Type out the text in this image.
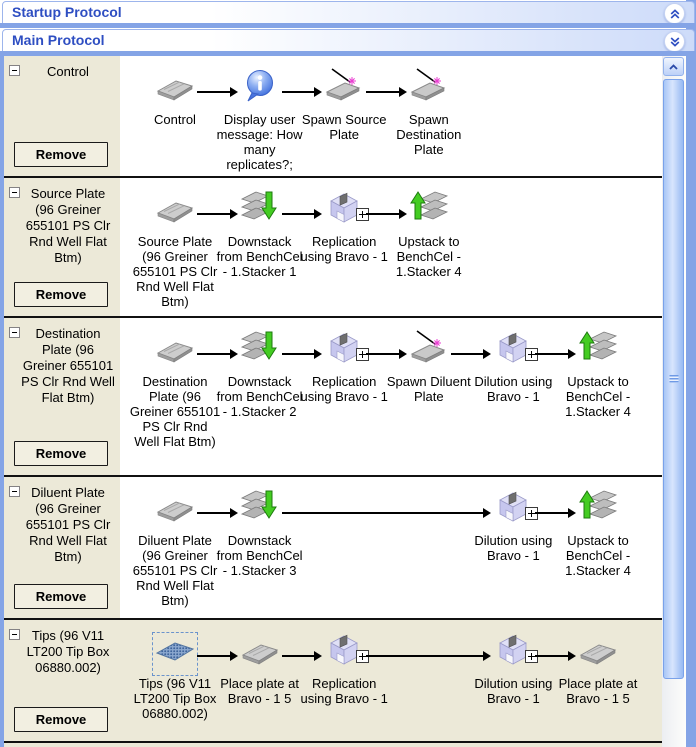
Startup Protocol
Main Protocol
Control
Remove
Control	Display user message: How many replicates?;
Spawn Source Plate
Spawn Destination Plate
Source Plate (96 Greiner 655101 PS Clr Rnd Well Flat Btm)
Remove
Source Plate (96 Greiner 655101 PS Clr Rnd Well Flat Btm)
Downstack from BenchCel - 1.Stacker 1
Replication using Bravo - 1
Upstack to BenchCel - 1.Stacker 4
Destination Plate (96 Greiner 655101 PS Clr Rnd Well Flat Btm)
Remove
Destination Plate (96 Greiner 655101 PS Clr Rnd Well Flat Btm)
Downstack from BenchCel - 1.Stacker 2
Replication using Bravo - 1
Spawn Diluent Plate
Dilution using Bravo - 1
Upstack to BenchCel - 1.Stacker 4
Diluent Plate (96 Greiner 655101 PS Clr Rnd Well Flat Btm)
Remove
Diluent Plate (96 Greiner 655101 PS Clr Rnd Well Flat Btm)
Downstack from BenchCel - 1.Stacker 3
Dilution using Bravo - 1
Upstack to BenchCel - 1.Stacker 4
Tips (96 V11 LT200 Tip Box 06880.002)
Remove
Tips (96 V11 LT200 Tip Box 06880.002)
Place plate at Bravo - 1 5
Replication using Bravo - 1
Dilution using Bravo - 1
Place plate at Bravo - 1 5
